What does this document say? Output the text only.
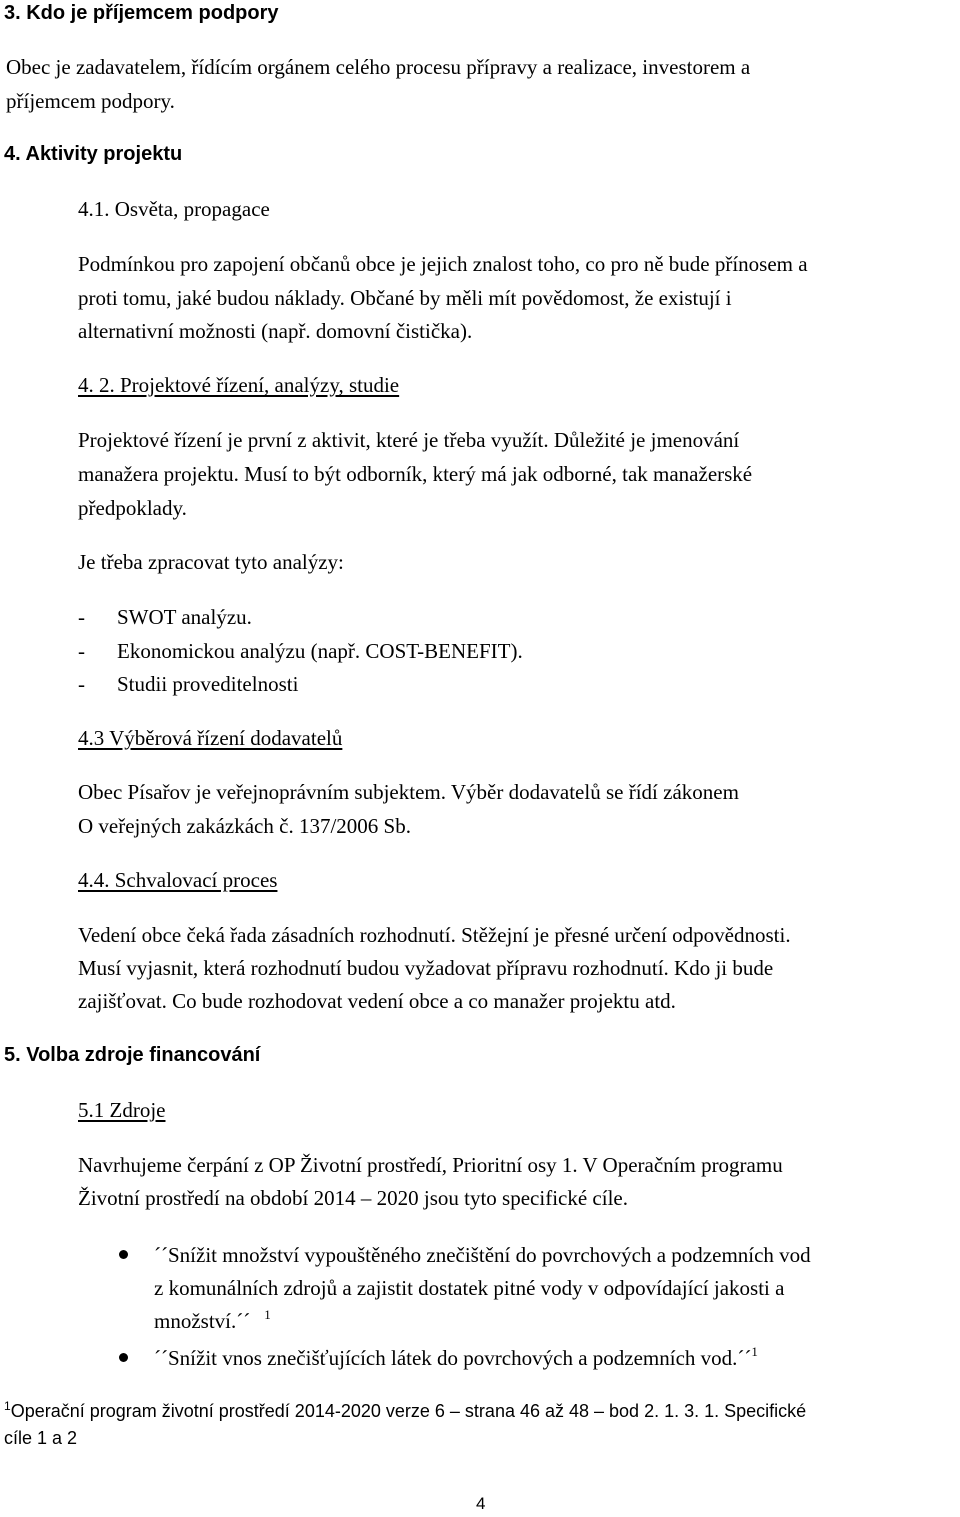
3. Kdo je příjemcem podpory
Obec je zadavatelem, řídícím orgánem celého procesu přípravy a realizace, investorem a
příjemcem podpory.
4. Aktivity projektu
4.1. Osvěta, propagace
Podmínkou pro zapojení občanů obce je jejich znalost toho, co pro ně bude přínosem a
proti tomu, jaké budou náklady. Občané by měli mít povědomost, že existují i
alternativní možnosti (např. domovní čistička).
4. 2. Projektové řízení, analýzy, studie
Projektové řízení je první z aktivit, které je třeba využít. Důležité je jmenování
manažera projektu. Musí to být odborník, který má jak odborné, tak manažerské
předpoklady.
Je třeba zpracovat tyto analýzy:
- SWOT analýzu.
- Ekonomickou analýzu (např. COST-BENEFIT).
- Studii proveditelnosti
4.3 Výběrová řízení dodavatelů
Obec Písařov je veřejnoprávním subjektem. Výběr dodavatelů se řídí zákonem
O veřejných zakázkách č. 137/2006 Sb.
4.4. Schvalovací proces
Vedení obce čeká řada zásadních rozhodnutí. Stěžejní je přesné určení odpovědnosti.
Musí vyjasnit, která rozhodnutí budou vyžadovat přípravu rozhodnutí. Kdo ji bude
zajišťovat. Co bude rozhodovat vedení obce a co manažer projektu atd.
5. Volba zdroje financování
5.1 Zdroje
Navrhujeme čerpání z OP Životní prostředí, Prioritní osy 1. V Operačním programu
Životní prostředí na období 2014 – 2020 jsou tyto specifické cíle.
´´Snížit množství vypouštěného znečištění do povrchových a podzemních vod
z komunálních zdrojů a zajistit dostatek pitné vody v odpovídající jakosti a
množství.´´ $^1$
´´Snížit vnos znečišťujících látek do povrchových a podzemních vod.´´$^1$
$^1$Operační program životní prostředí 2014-2020 verze 6 – strana 46 až 48 – bod 2. 1. 3. 1. Specifické
cíle 1 a 2
4
